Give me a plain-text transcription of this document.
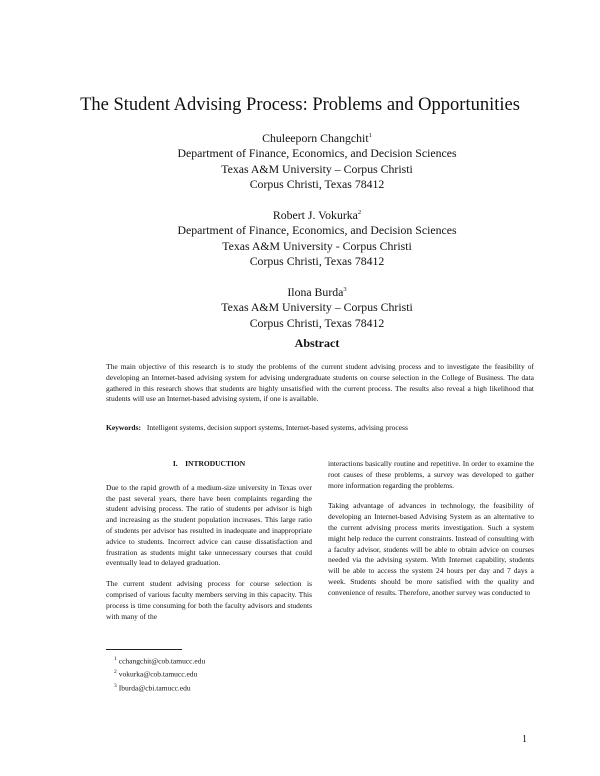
The Student Advising Process: Problems and Opportunities
Chuleeporn Changchit$^1$
Department of Finance, Economics, and Decision Sciences
Texas A&M University – Corpus Christi
Corpus Christi, Texas 78412
Robert J. Vokurka$^2$
Department of Finance, Economics, and Decision Sciences
Texas A&M University - Corpus Christi
Corpus Christi, Texas 78412
Ilona Burda$^3$
Texas A&M University – Corpus Christi
Corpus Christi, Texas 78412
Abstract
The main objective of this research is to study the problems of the current student advising process and to investigate the feasibility of developing an Internet-based advising system for advising undergraduate students on course selection in the College of Business. The data gathered in this research shows that students are highly unsatisfied with the current process. The results also reveal a high likelihood that students will use an Internet-based advising system, if one is available.
Keywords: Intelligent systems, decision support systems, Internet-based systems, advising process
I.    INTRODUCTION

Due to the rapid growth of a medium-size university in Texas over the past several years, there have been complaints regarding the student advising process. The ratio of students per advisor is high and increasing as the student population increases. This large ratio of students per advisor has resulted in inadequate and inappropriate advice to students. Incorrect advice can cause dissatisfaction and frustration as students might take unnecessary courses that could eventually lead to delayed graduation.

The current student advising process for course selection is comprised of various faculty members serving in this capacity. This process is time consuming for both the faculty advisors and students with many of the

interactions basically routine and repetitive. In order to examine the root causes of these problems, a survey was developed to gather more information regarding the problems.

Taking advantage of advances in technology, the feasibility of developing an Internet-based Advising System as an alternative to the current advising process merits investigation. Such a system might help reduce the current constraints. Instead of consulting with a faculty advisor, students will be able to obtain advice on courses needed via the advising system. With Internet capability, students will be able to access the system 24 hours per day and 7 days a week. Students should be more satisfied with the quality and convenience of results. Therefore, another survey was conducted to

$^1$ cchangchit@cob.tamucc.edu
$^2$ vokurka@cob.tamucc.edu
$^3$ Iburda@cbi.tamucc.edu
1
